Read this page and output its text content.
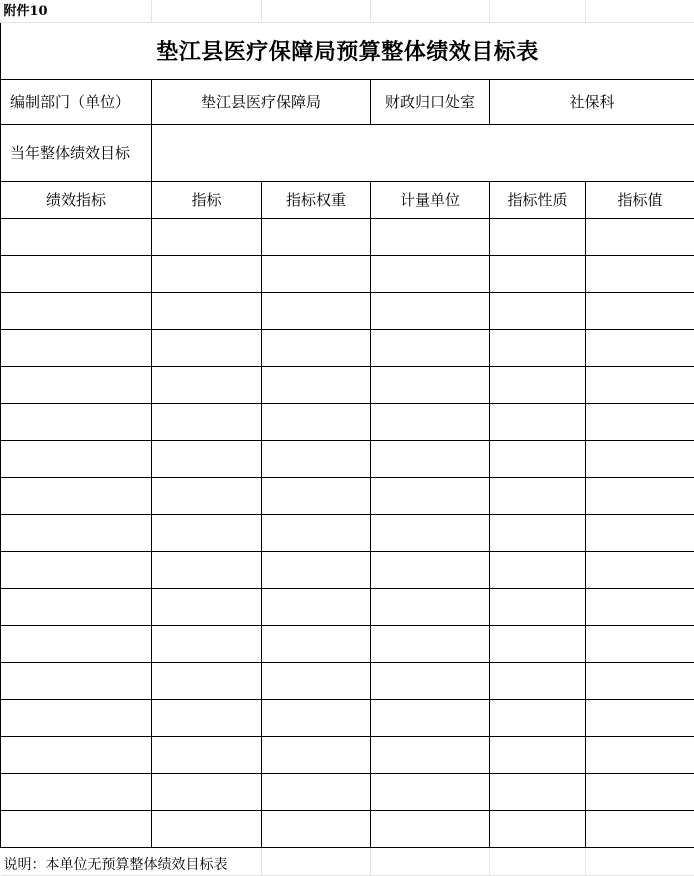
附件10					
垫江县医疗保障局预算整体绩效目标表					
编制部门（单位）	垫江县医疗保障局		财政归口处室	社保科	
当年整体绩效目标					
绩效指标	指标	指标权重	计量单位	指标性质	指标值

说明：本单位无预算整体绩效目标表					
